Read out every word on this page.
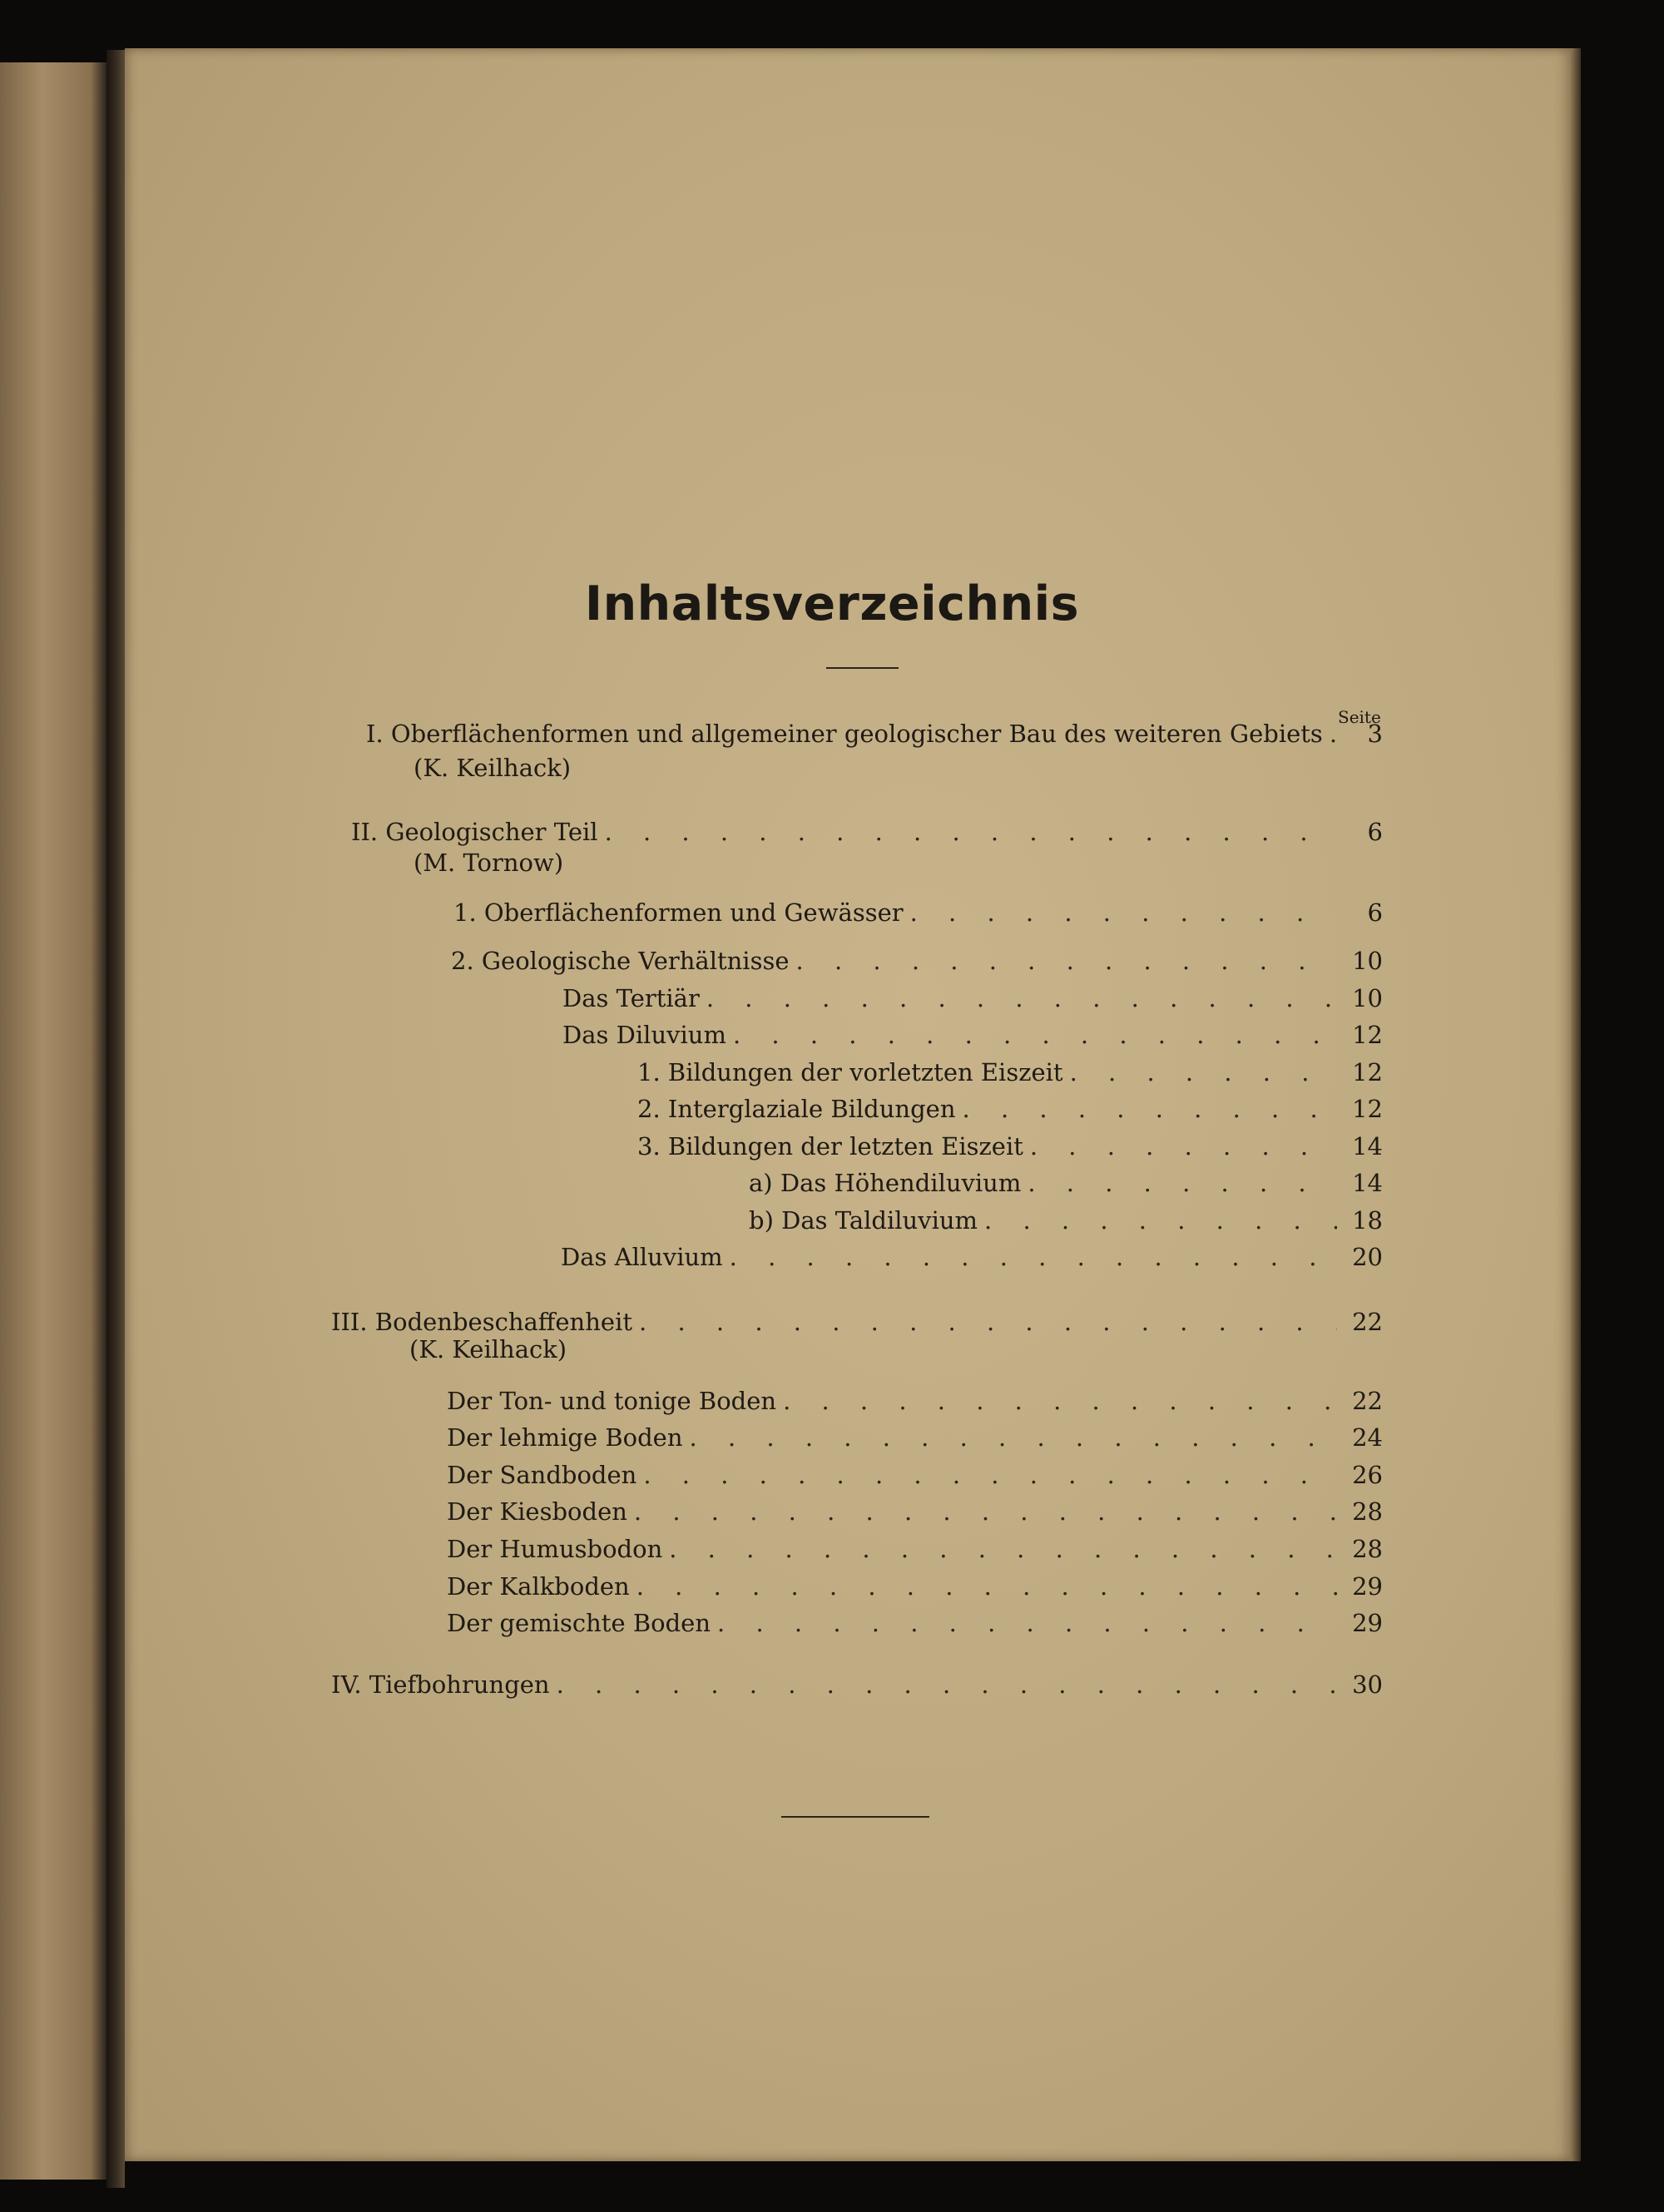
Inhaltsverzeichnis
Seite
I. Oberflächenformen und allgemeiner geologischer Bau des weiteren Gebiets . . .	3
(K. Keilhack)
II. Geologischer Teil . . .	6
(M. Tornow)
1. Oberflächenformen und Gewässer . . .	6
2. Geologische Verhältnisse . . .	10
Das Tertiär . . .	10
Das Diluvium . . .	12
1. Bildungen der vorletzten Eiszeit . . .	12
2. Interglaziale Bildungen . . .	12
3. Bildungen der letzten Eiszeit . . .	14
a) Das Höhendiluvium . . .	14
b) Das Taldiluvium . . .	18
Das Alluvium . . .	20
III. Bodenbeschaffenheit . . .	22
(K. Keilhack)
Der Ton- und tonige Boden . . .	22
Der lehmige Boden . . .	24
Der Sandboden . . .	26
Der Kiesboden . . .	28
Der Humusbodon . . .	28
Der Kalkboden . . .	29
Der gemischte Boden . . .	29
IV. Tiefbohrungen . . .	30
